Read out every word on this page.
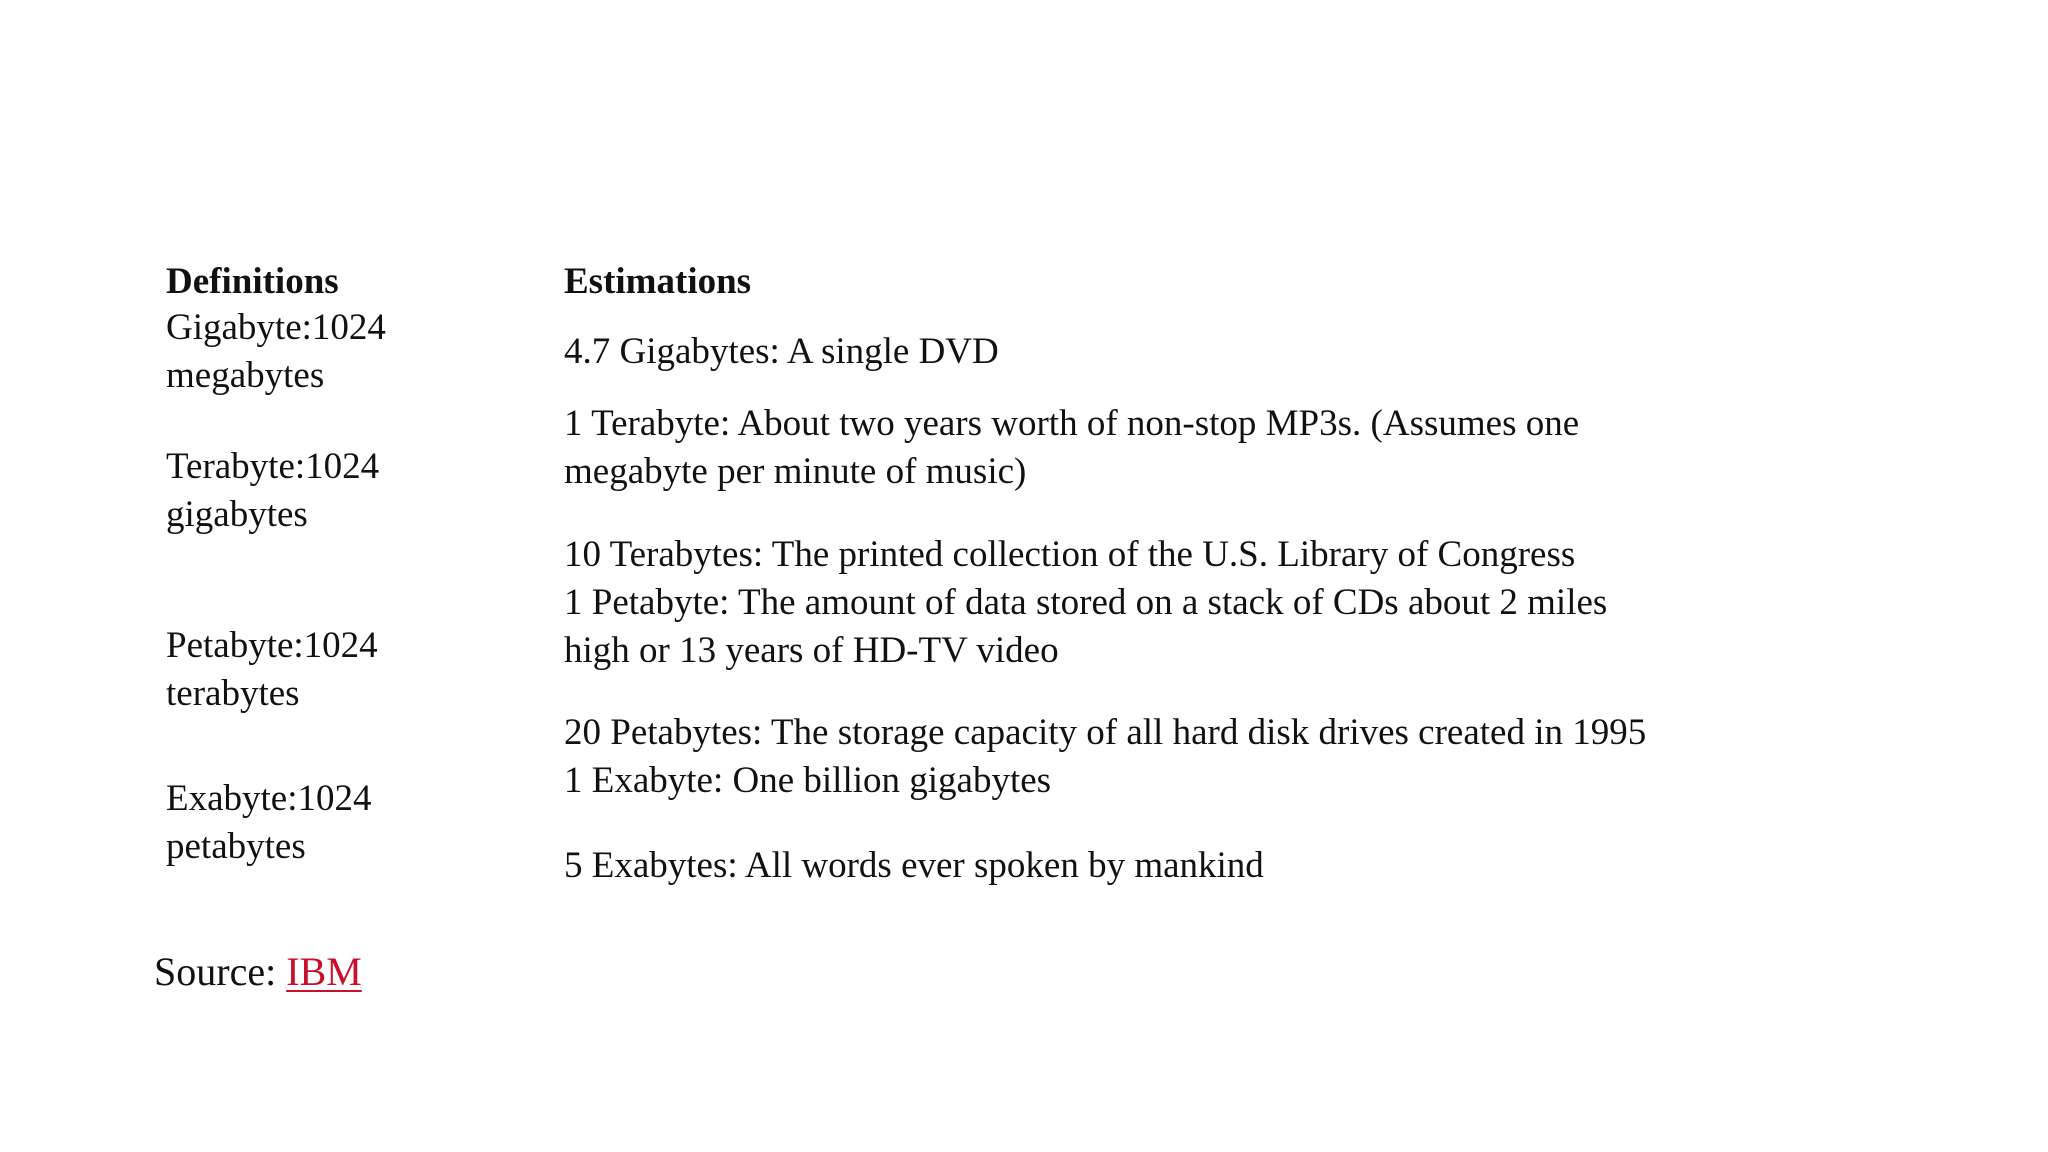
Definitions	Estimations
Gigabyte:1024
megabytes
Terabyte:1024
gigabytes
Petabyte:1024
terabytes
Exabyte:1024
petabytes
4.7 Gigabytes: A single DVD
1 Terabyte: About two years worth of non-stop MP3s. (Assumes one
megabyte per minute of music)
10 Terabytes: The printed collection of the U.S. Library of Congress
1 Petabyte: The amount of data stored on a stack of CDs about 2 miles
high or 13 years of HD-TV video
20 Petabytes: The storage capacity of all hard disk drives created in 1995
1 Exabyte: One billion gigabytes
5 Exabytes: All words ever spoken by mankind
Source: IBM
